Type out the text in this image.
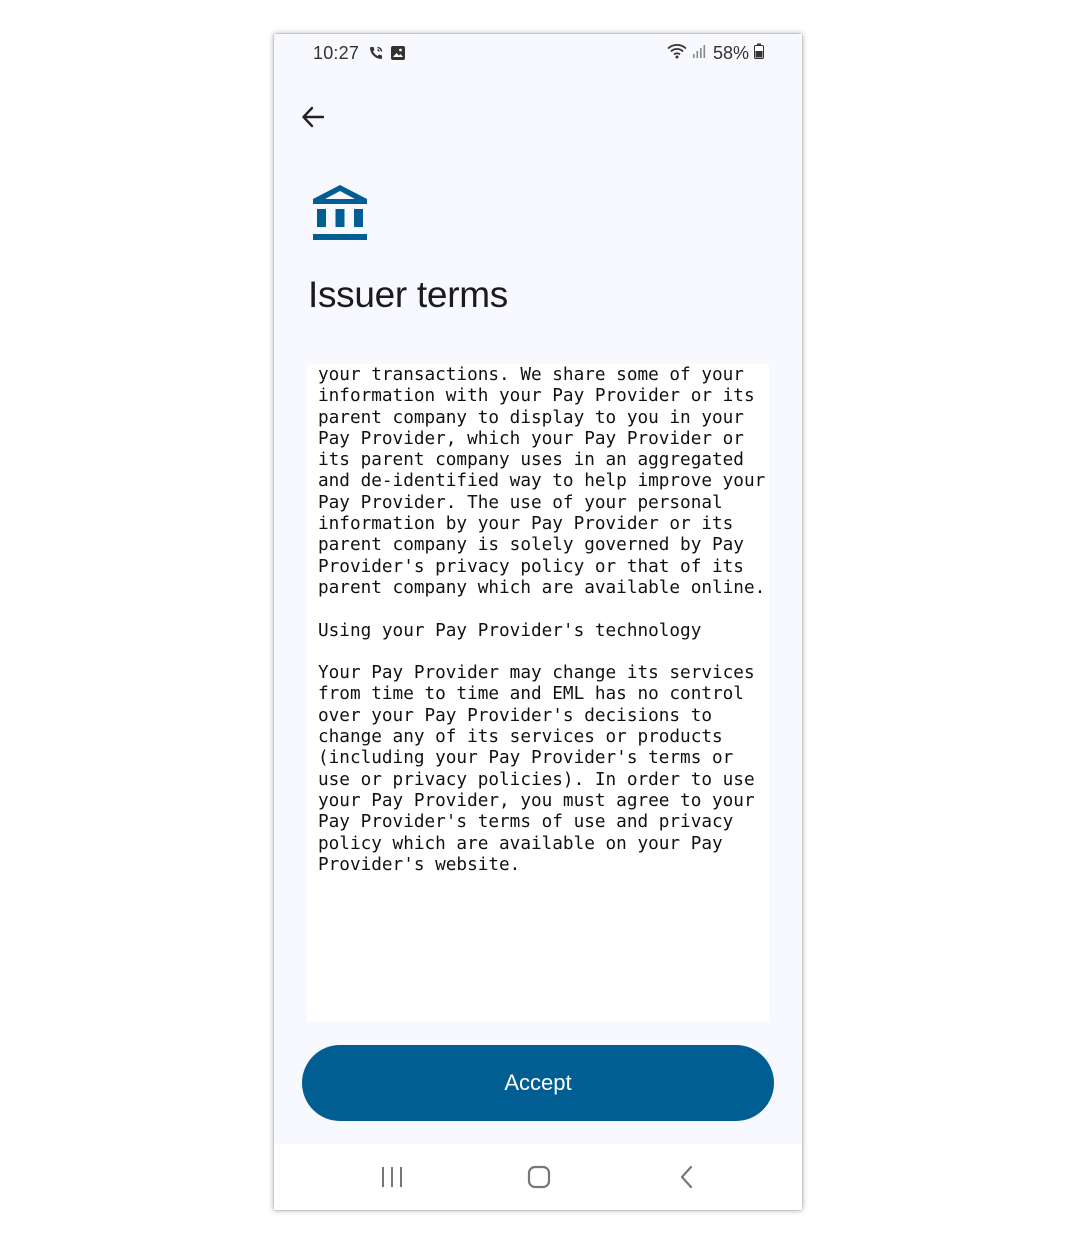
10:27	58%
Issuer terms
your transactions. We share some of your information with your Pay Provider or its parent company to display to you in your Pay Provider, which your Pay Provider or its parent company uses in an aggregated and de-identified way to help improve your Pay Provider. The use of your personal information by your Pay Provider or its parent company is solely governed by Pay Provider's privacy policy or that of its parent company which are available online.

Using your Pay Provider's technology

Your Pay Provider may change its services from time to time and EML has no control over your Pay Provider's decisions to change any of its services or products (including your Pay Provider's terms or use or privacy policies). In order to use your Pay Provider, you must agree to your Pay Provider's terms of use and privacy policy which are available on your Pay Provider's website.
Accept
